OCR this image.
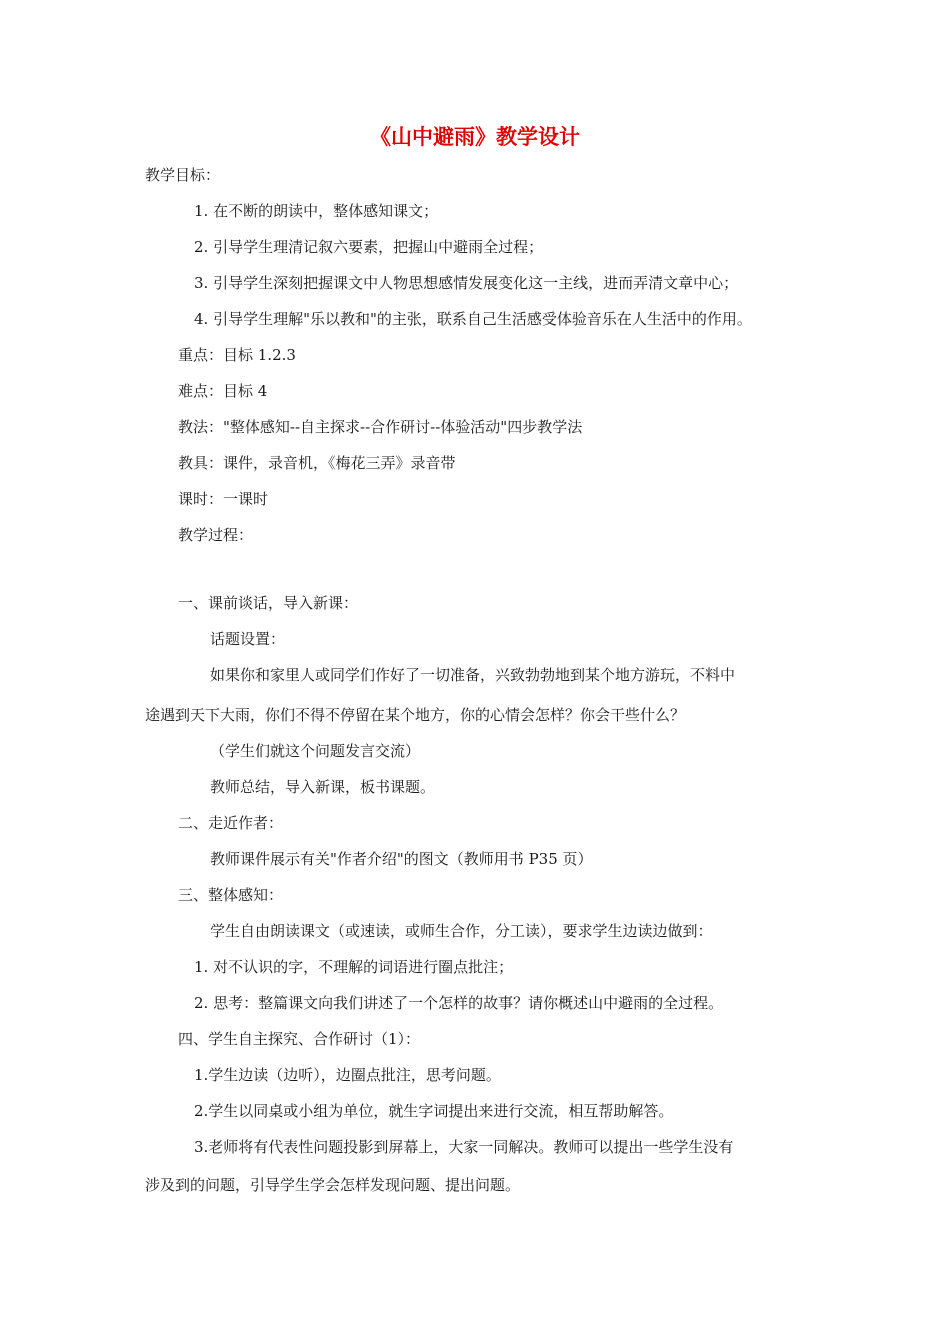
《山中避雨》教学设计
教学目标：
1. 在不断的朗读中，整体感知课文；
2. 引导学生理清记叙六要素，把握山中避雨全过程；
3. 引导学生深刻把握课文中人物思想感情发展变化这一主线，进而弄清文章中心；
4. 引导学生理解"乐以教和"的主张，联系自己生活感受体验音乐在人生活中的作用。
重点：目标 1.2.3
难点：目标 4
教法："整体感知--自主探求--合作研讨--体验活动"四步教学法
教具：课件，录音机，《梅花三弄》录音带
课时：一课时
教学过程：
一、课前谈话，导入新课：
话题设置：
如果你和家里人或同学们作好了一切准备，兴致勃勃地到某个地方游玩，不料中
途遇到天下大雨，你们不得不停留在某个地方，你的心情会怎样？你会干些什么？
（学生们就这个问题发言交流）
教师总结，导入新课，板书课题。
二、走近作者：
教师课件展示有关"作者介绍"的图文（教师用书 P35 页）
三、整体感知：
学生自由朗读课文（或速读，或师生合作，分工读），要求学生边读边做到：
1. 对不认识的字，不理解的词语进行圈点批注；
2. 思考：整篇课文向我们讲述了一个怎样的故事？请你概述山中避雨的全过程。
四、学生自主探究、合作研讨（1）：
1.学生边读（边听），边圈点批注，思考问题。
2.学生以同桌或小组为单位，就生字词提出来进行交流，相互帮助解答。
3.老师将有代表性问题投影到屏幕上，大家一同解决。教师可以提出一些学生没有
涉及到的问题，引导学生学会怎样发现问题、提出问题。
